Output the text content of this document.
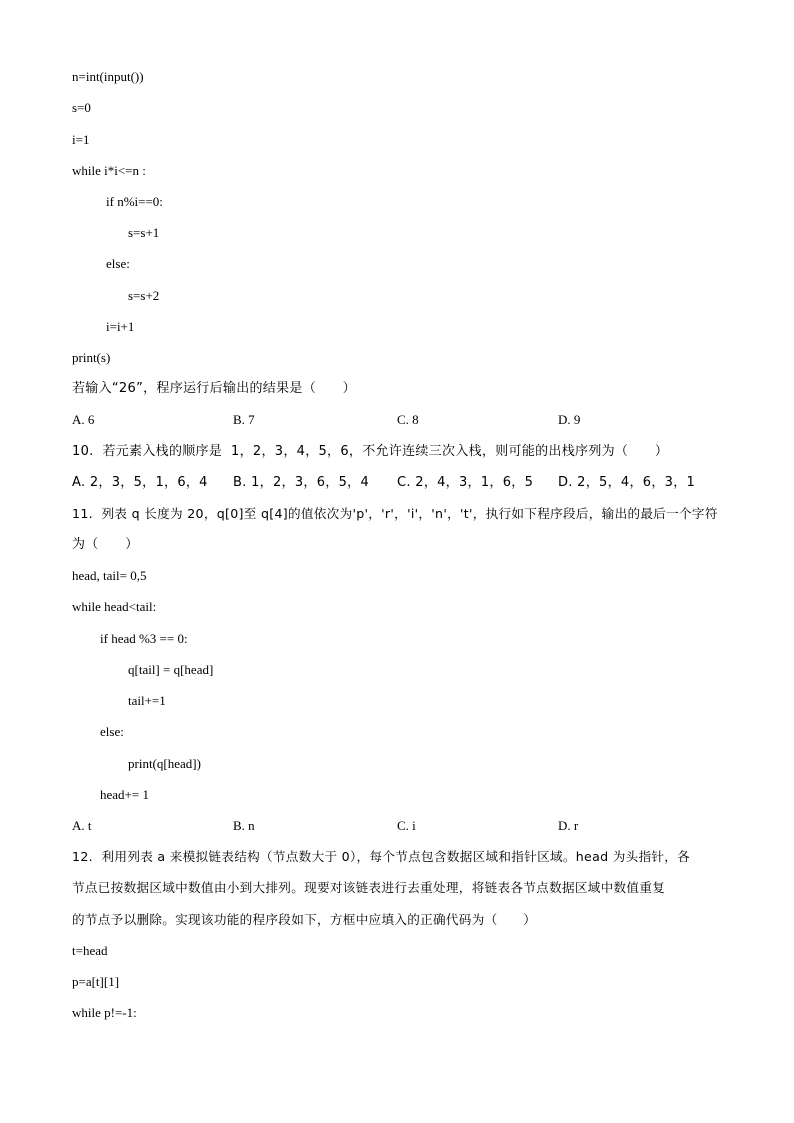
n=int(input())
s=0
i=1
while i*i<=n :
if n%i==0:
s=s+1
else:
s=s+2
i=i+1
print(s)
若输入“26”，程序运行后输出的结果是（　　）
A. 6	B. 7	C. 8	D. 9
10.  若元素入栈的顺序是  1，2，3，4，5，6，不允许连续三次入栈，则可能的出栈序列为（　　）
A. 2，3，5，1，6，4 B. 1，2，3，6，5，4 C. 2，4，3，1，6，5 D. 2，5，4，6，3，1
11.  列表 q 长度为 20，q[0]至 q[4]的值依次为'p'，'r'，'i'，'n'，'t'，执行如下程序段后，输出的最后一个字符
为（　　）
head, tail= 0,5
while head<tail:
if head %3 == 0:
q[tail] = q[head]
tail+=1
else:
print(q[head])
head+= 1
A. t	B. n	C. i	D. r
12.  利用列表 a 来模拟链表结构（节点数大于 0），每个节点包含数据区域和指针区域。head 为头指针，各
节点已按数据区域中数值由小到大排列。现要对该链表进行去重处理，将链表各节点数据区域中数值重复
的节点予以删除。实现该功能的程序段如下，方框中应填入的正确代码为（　　）
t=head
p=a[t][1]
while p!=-1:
